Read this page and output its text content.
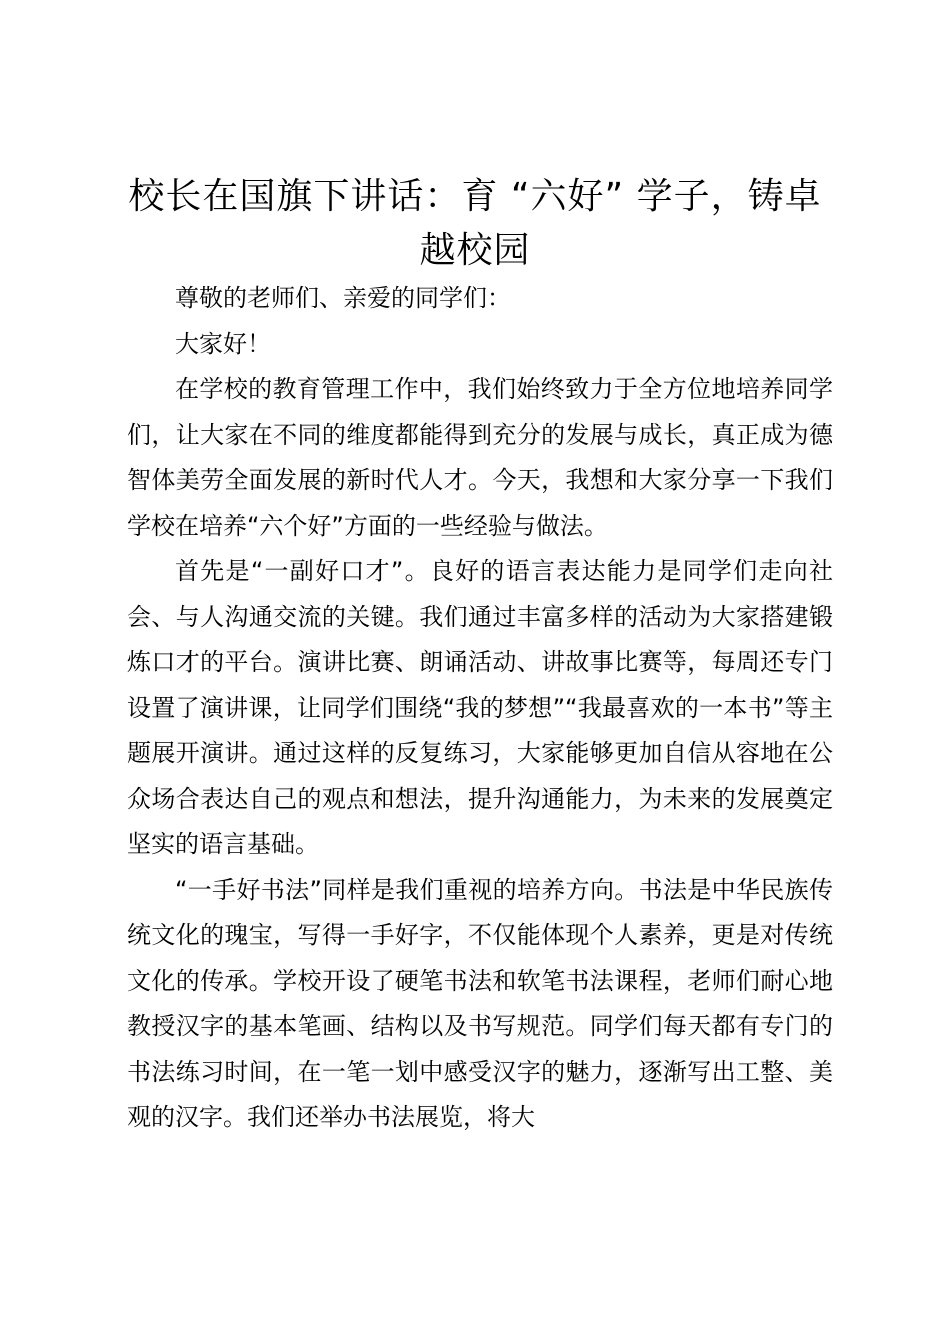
校长在国旗下讲话：育 “六好” 学子，铸卓越校园

尊敬的老师们、亲爱的同学们：

大家好！

在学校的教育管理工作中，我们始终致力于全方位地培养同学们，让大家在不同的维度都能得到充分的发展与成长，真正成为德智体美劳全面发展的新时代人才。今天，我想和大家分享一下我们学校在培养“六个好”方面的一些经验与做法。

首先是“一副好口才”。良好的语言表达能力是同学们走向社会、与人沟通交流的关键。我们通过丰富多样的活动为大家搭建锻炼口才的平台。演讲比赛、朗诵活动、讲故事比赛等，每周还专门设置了演讲课，让同学们围绕“我的梦想”“我最喜欢的一本书”等主题展开演讲。通过这样的反复练习，大家能够更加自信从容地在公众场合表达自己的观点和想法，提升沟通能力，为未来的发展奠定坚实的语言基础。

“一手好书法”同样是我们重视的培养方向。书法是中华民族传统文化的瑰宝，写得一手好字，不仅能体现个人素养，更是对传统文化的传承。学校开设了硬笔书法和软笔书法课程，老师们耐心地教授汉字的基本笔画、结构以及书写规范。同学们每天都有专门的书法练习时间，在一笔一划中感受汉字的魅力，逐渐写出工整、美观的汉字。我们还举办书法展览，将大
